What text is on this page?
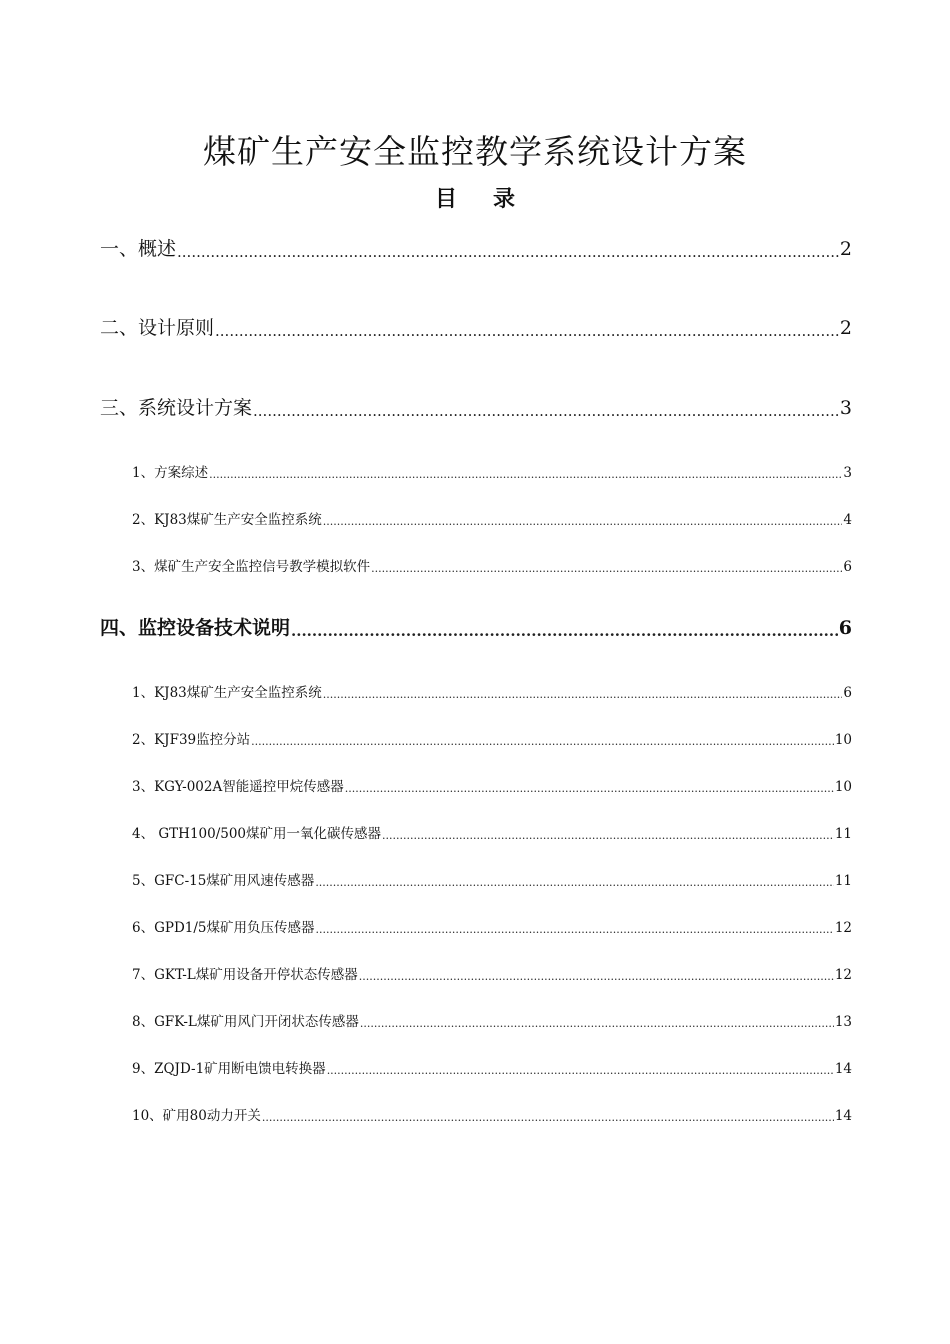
煤矿生产安全监控教学系统设计方案
目 录
一、概述 .....	2
二、设计原则 .....	2
三、系统设计方案 .....	3
1、方案综述 .....	3
2、KJ83煤矿生产安全监控系统 .....	4
3、煤矿生产安全监控信号教学模拟软件 .....	6
四、监控设备技术说明 .....	6
1、KJ83煤矿生产安全监控系统 .....	6
2、KJF39监控分站 .....	10
3、KGY-002A智能遥控甲烷传感器 .....	10
4、 GTH100/500煤矿用一氧化碳传感器 .....	11
5、GFC-15煤矿用风速传感器 .....	11
6、GPD1/5煤矿用负压传感器 .....	12
7、GKT-L煤矿用设备开停状态传感器 .....	12
8、GFK-L煤矿用风门开闭状态传感器 .....	13
9、ZQJD-1矿用断电馈电转换器 .....	14
10、矿用80动力开关 .....	14
